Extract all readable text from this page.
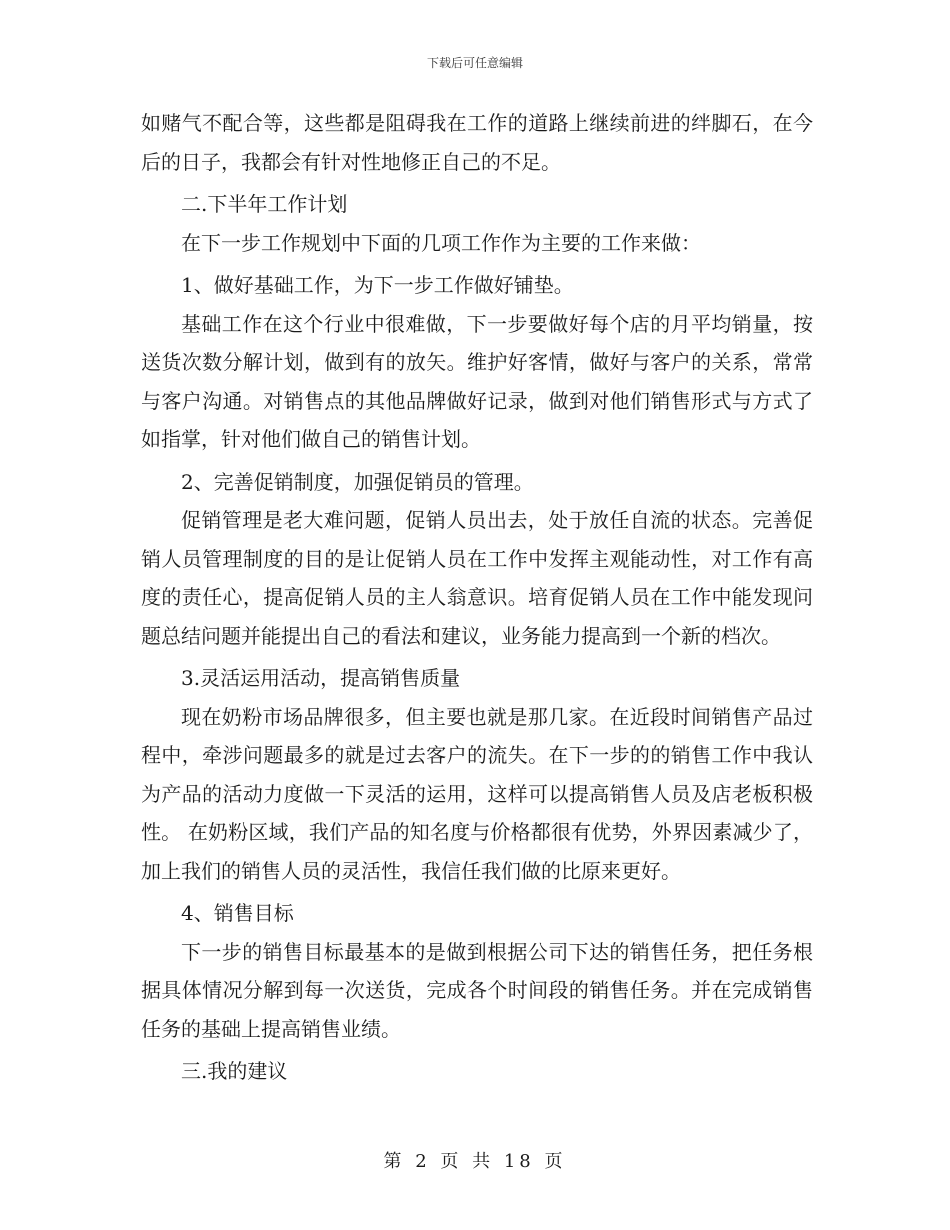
下载后可任意编辑

如赌气不配合等，这些都是阻碍我在工作的道路上继续前进的绊脚石，在今后的日子，我都会有针对性地修正自己的不足。

二.下半年工作计划

在下一步工作规划中下面的几项工作作为主要的工作来做：

1、做好基础工作，为下一步工作做好铺垫。

基础工作在这个行业中很难做，下一步要做好每个店的月平均销量，按送货次数分解计划，做到有的放矢。维护好客情，做好与客户的关系，常常与客户沟通。对销售点的其他品牌做好记录，做到对他们销售形式与方式了如指掌，针对他们做自己的销售计划。

2、完善促销制度，加强促销员的管理。

促销管理是老大难问题，促销人员出去，处于放任自流的状态。完善促销人员管理制度的目的是让促销人员在工作中发挥主观能动性，对工作有高度的责任心，提高促销人员的主人翁意识。培育促销人员在工作中能发现问题总结问题并能提出自己的看法和建议，业务能力提高到一个新的档次。

3.灵活运用活动，提高销售质量

现在奶粉市场品牌很多，但主要也就是那几家。在近段时间销售产品过程中，牵涉问题最多的就是过去客户的流失。在下一步的的销售工作中我认为产品的活动力度做一下灵活的运用，这样可以提高销售人员及店老板积极性。 在奶粉区域，我们产品的知名度与价格都很有优势，外界因素减少了，加上我们的销售人员的灵活性，我信任我们做的比原来更好。

4、销售目标

下一步的销售目标最基本的是做到根据公司下达的销售任务，把任务根据具体情况分解到每一次送货，完成各个时间段的销售任务。并在完成销售任务的基础上提高销售业绩。

三.我的建议

第 2 页 共 18 页
